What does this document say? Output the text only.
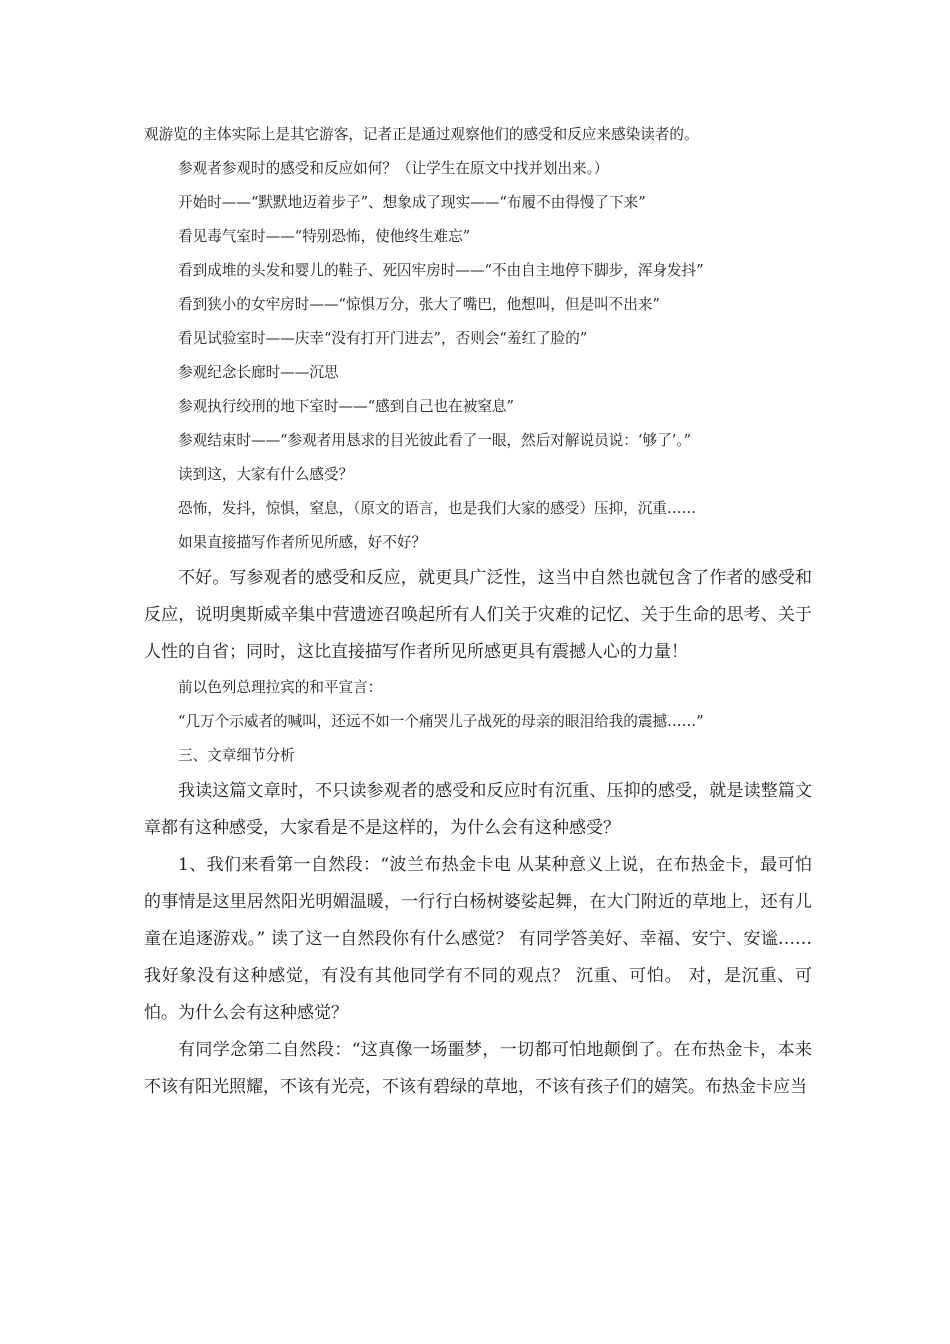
观游览的主体实际上是其它游客，记者正是通过观察他们的感受和反应来感染读者的。

参观者参观时的感受和反应如何？（让学生在原文中找并划出来。）

开始时——“默默地迈着步子”、想象成了现实——“布履不由得慢了下来”

看见毒气室时——“特别恐怖，使他终生难忘”

看到成堆的头发和婴儿的鞋子、死囚牢房时——“不由自主地停下脚步，浑身发抖”

看到狭小的女牢房时——“惊惧万分，张大了嘴巴，他想叫，但是叫不出来”

看见试验室时——庆幸“没有打开门进去”，否则会“羞红了脸的”

参观纪念长廊时——沉思

参观执行绞刑的地下室时——“感到自己也在被窒息”

参观结束时——“参观者用恳求的目光彼此看了一眼，然后对解说员说：‘够了’。”

读到这，大家有什么感受？

恐怖，发抖，惊惧，窒息，（原文的语言，也是我们大家的感受）压抑，沉重……

如果直接描写作者所见所感，好不好？

不好。写参观者的感受和反应，就更具广泛性，这当中自然也就包含了作者的感受和反应，说明奥斯威辛集中营遗迹召唤起所有人们关于灾难的记忆、关于生命的思考、关于人性的自省；同时，这比直接描写作者所见所感更具有震撼人心的力量！

前以色列总理拉宾的和平宣言：

“几万个示威者的喊叫，还远不如一个痛哭儿子战死的母亲的眼泪给我的震撼……”

三、文章细节分析

我读这篇文章时，不只读参观者的感受和反应时有沉重、压抑的感受，就是读整篇文章都有这种感受，大家看是不是这样的，为什么会有这种感受？

1、我们来看第一自然段：“波兰布热金卡电 从某种意义上说，在布热金卡，最可怕的事情是这里居然阳光明媚温暖，一行行白杨树婆娑起舞，在大门附近的草地上，还有儿童在追逐游戏。” 读了这一自然段你有什么感觉？ 有同学答美好、幸福、安宁、安谧…… 我好象没有这种感觉，有没有其他同学有不同的观点？ 沉重、可怕。 对，是沉重、可怕。为什么会有这种感觉？

有同学念第二自然段：“这真像一场噩梦，一切都可怕地颠倒了。在布热金卡，本来不该有阳光照耀，不该有光亮，不该有碧绿的草地，不该有孩子们的嬉笑。布热金卡应当
